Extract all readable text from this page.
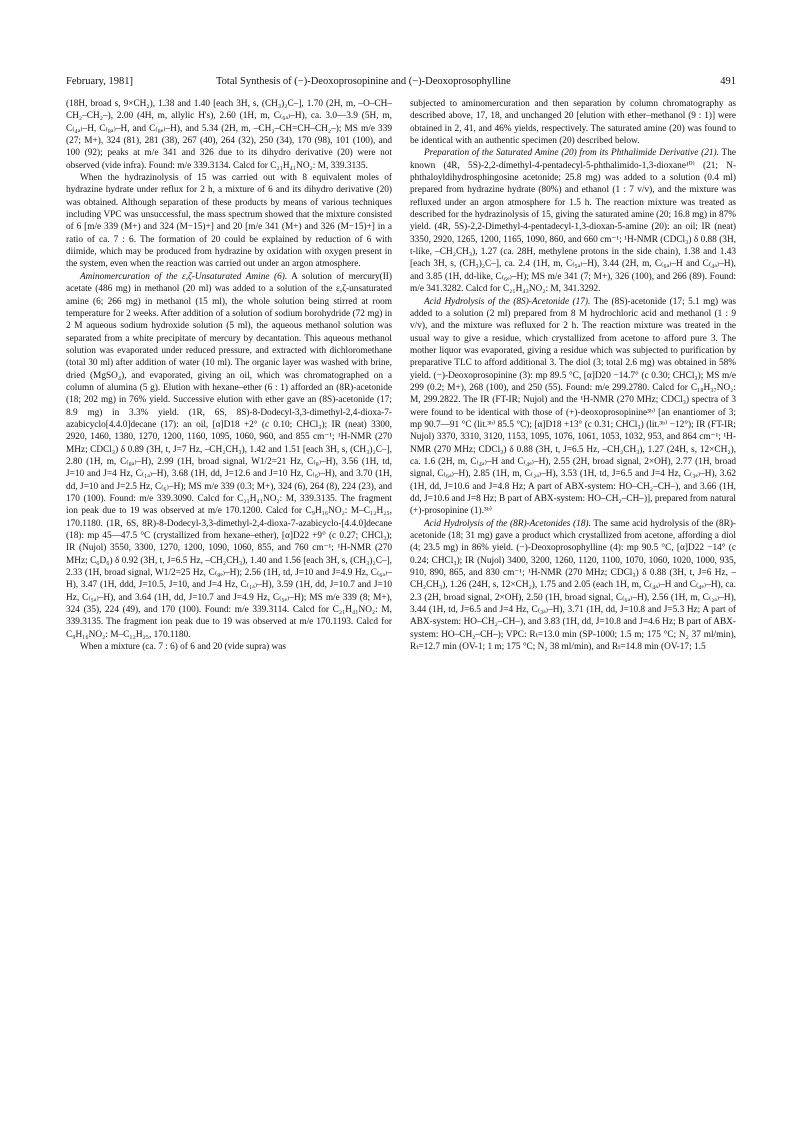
February, 1981]	Total Synthesis of (−)-Deoxoprosopinine and (−)-Deoxoprosophylline	491

(18H, broad s, 9×CH₂), 1.38 and 1.40 [each 3H, s, (CH₃)₂C–], 1.70 (2H, m, –O–CH–CH₂–CH₂–), 2.00 (4H, m, allylic H's), 2.60 (1H, m, C₍₆ₐ₎–H), ca. 3.0—3.9 (5H, m, C₍₄ₐ₎–H, C₍₈ₐ₎–H, and C₍₈ₑ₎–H), and 5.34 (2H, m, –CH₂–CH=CH–CH₂–); MS m/e 339 (27; M+), 324 (81), 281 (38), 267 (40), 264 (32), 250 (34), 170 (98), 101 (100), and 100 (92); peaks at m/e 341 and 326 due to its dihydro derivative (20) were not observed (vide infra). Found: m/e 339.3134. Calcd for C₂₁H₄₁NO₂: M, 339.3135.

When the hydrazinolysis of 15 was carried out with 8 equivalent moles of hydrazine hydrate under reflux for 2 h, a mixture of 6 and its dihydro derivative (20) was obtained. Although separation of these products by means of various techniques including VPC was unsuccessful, the mass spectrum showed that the mixture consisted of 6 [m/e 339 (M+) and 324 (M−15)+] and 20 [m/e 341 (M+) and 326 (M−15)+] in a ratio of ca. 7 : 6. The formation of 20 could be explained by reduction of 6 with diimide, which may be produced from hydrazine by oxidation with oxygen present in the system, even when the reaction was carried out under an argon atmosphere.

Aminomercuration of the ε,ζ-Unsaturated Amine (6). A solution of mercury(II) acetate (486 mg) in methanol (20 ml) was added to a solution of the ε,ζ-unsaturated amine (6; 266 mg) in methanol (15 ml), the whole solution being stirred at room temperature for 2 weeks. After addition of a solution of sodium borohydride (72 mg) in 2 M aqueous sodium hydroxide solution (5 ml), the aqueous methanol solution was separated from a white precipitate of mercury by decantation. This aqueous methanol solution was evaporated under reduced pressure, and extracted with dichloromethane (total 30 ml) after addition of water (10 ml). The organic layer was washed with brine, dried (MgSO₄), and evaporated, giving an oil, which was chromatographed on a column of alumina (5 g). Elution with hexane–ether (6 : 1) afforded an (8R)-acetonide (18; 202 mg) in 76% yield. Successive elution with ether gave an (8S)-acetonide (17; 8.9 mg) in 3.3% yield. (1R, 6S, 8S)-8-Dodecyl-3,3-dimethyl-2,4-dioxa-7-azabicyclo[4.4.0]decane (17): an oil, [α]D18 +2° (c 0.10; CHCl₃); IR (neat) 3300, 2920, 1460, 1380, 1270, 1200, 1160, 1095, 1060, 960, and 855 cm⁻¹; ¹H-NMR (270 MHz; CDCl₃) δ 0.89 (3H, t, J=7 Hz, –CH₂CH₃), 1.42 and 1.51 [each 3H, s, (CH₃)₂C–], 2.80 (1H, m, C₍₈ₐ₎–H), 2.99 (1H, broad signal, W1/2=21 Hz, C₍₈₎–H), 3.56 (1H, td, J=10 and J=4 Hz, C₍₁ₐ₎–H), 3.68 (1H, dd, J=12.6 and J=10 Hz, C₍₆₎–H), and 3.70 (1H, dd, J=10 and J=2.5 Hz, C₍₆₎–H); MS m/e 339 (0.3; M+), 324 (6), 264 (8), 224 (23), and 170 (100). Found: m/e 339.3090. Calcd for C₂₁H₄₁NO₂: M, 339.3135. The fragment ion peak due to 19 was observed at m/e 170.1200. Calcd for C₉H₁₆NO₂: M–C₁₂H₂₅, 170.1180. (1R, 6S, 8R)-8-Dodecyl-3,3-dimethyl-2,4-dioxa-7-azabicyclo-[4.4.0]decane (18): mp 45—47.5 °C (crystallized from hexane–ether), [α]D22 +9° (c 0.27; CHCl₃); IR (Nujol) 3550, 3300, 1270, 1200, 1090, 1060, 855, and 760 cm⁻¹; ¹H-NMR (270 MHz; C₆D₆) δ 0.92 (3H, t, J=6.5 Hz, –CH₂CH₃), 1.40 and 1.56 [each 3H, s, (CH₃)₂C–], 2.33 (1H, broad signal, W1/2=25 Hz, C₍₈ₑ₎–H); 2.56 (1H, td, J=10 and J=4.9 Hz, C₍₆ₐ₎–H), 3.47 (1H, ddd, J=10.5, J=10, and J=4 Hz, C₍₁ₐ₎–H), 3.59 (1H, dd, J=10.7 and J=10 Hz, C₍₅ₐ₎–H), and 3.64 (1H, dd, J=10.7 and J=4.9 Hz, C₍₅ₑ₎–H); MS m/e 339 (8; M+), 324 (35), 224 (49), and 170 (100). Found: m/e 339.3114. Calcd for C₂₁H₄₁NO₂: M, 339.3135. The fragment ion peak due to 19 was observed at m/e 170.1193. Calcd for C₉H₁₆NO₂: M–C₁₂H₂₅, 170.1180.

When a mixture (ca. 7 : 6) of 6 and 20 (vide supra) was

subjected to aminomercuration and then separation by column chromatography as described above, 17, 18, and unchanged 20 [elution with ether–methanol (9 : 1)] were obtained in 2, 41, and 46% yields, respectively. The saturated amine (20) was found to be identical with an authentic specimen (20) described below.

Preparation of the Saturated Amine (20) from its Phthalimide Derivative (21). The known (4R, 5S)-2,2-dimethyl-4-pentadecyl-5-phthalimido-1,3-dioxane¹⁰⁾ (21; N-phthaloyldihydrosphingosine acetonide; 25.8 mg) was added to a solution (0.4 ml) prepared from hydrazine hydrate (80%) and ethanol (1 : 7 v/v), and the mixture was refluxed under an argon atmosphere for 1.5 h. The reaction mixture was treated as described for the hydrazinolysis of 15, giving the saturated amine (20; 16.8 mg) in 87% yield. (4R, 5S)-2,2-Dimethyl-4-pentadecyl-1,3-dioxan-5-amine (20): an oil; IR (neat) 3350, 2920, 1265, 1200, 1165, 1090, 860, and 660 cm⁻¹; ¹H-NMR (CDCl₃) δ 0.88 (3H, t-like, –CH₂CH₃), 1.27 (ca. 28H, methylene protons in the side chain), 1.38 and 1.43 [each 3H, s, (CH₃)₂C–], ca. 2.4 (1H, m, C₍₅ₐ₎–H), 3.44 (2H, m, C₍₆ₐ₎–H and C₍₄ₐ₎–H), and 3.85 (1H, dd-like, C₍₆ₑ₎–H); MS m/e 341 (7; M+), 326 (100), and 266 (89). Found: m/e 341.3282. Calcd for C₂₁H₄₃NO₂: M, 341.3292.

Acid Hydrolysis of the (8S)-Acetonide (17). The (8S)-acetonide (17; 5.1 mg) was added to a solution (2 ml) prepared from 8 M hydrochloric acid and methanol (1 : 9 v/v), and the mixture was refluxed for 2 h. The reaction mixture was treated in the usual way to give a residue, which crystallized from acetone to afford pure 3. The mother liquor was evaporated, giving a residue which was subjected to purification by preparative TLC to afford additional 3. The diol (3; total 2.6 mg) was obtained in 58% yield. (−)-Deoxoprosopinine (3): mp 89.5 °C, [α]D20 −14.7° (c 0.30; CHCl₃); MS m/e 299 (0.2; M+), 268 (100), and 250 (55). Found: m/e 299.2780. Calcd for C₁₈H₃₇NO₂: M, 299.2822. The IR (FT-IR; Nujol) and the ¹H-NMR (270 MHz; CDCl₃) spectra of 3 were found to be identical with those of (+)-deoxoprosopinine³ᵇ⁾ [an enantiomer of 3; mp 90.7—91 °C (lit.³ᵇ⁾ 85.5 °C); [α]D18 +13° (c 0.31; CHCl₃) (lit.³ᵇ⁾ −12°); IR (FT-IR; Nujol) 3370, 3310, 3120, 1153, 1095, 1076, 1061, 1053, 1032, 953, and 864 cm⁻¹; ¹H-NMR (270 MHz; CDCl₃) δ 0.88 (3H, t, J=6.5 Hz, –CH₂CH₃), 1.27 (24H, s, 12×CH₂), ca. 1.6 (2H, m, C₍₄ₐ₎–H and C₍₄ₑ₎–H), 2.55 (2H, broad signal, 2×OH), 2.77 (1H, broad signal, C₍₆ₐ₎–H), 2.85 (1H, m, C₍₂ₐ₎–H), 3.53 (1H, td, J=6.5 and J=4 Hz, C₍₃ₑ₎–H), 3.62 (1H, dd, J=10.6 and J=4.8 Hz; A part of ABX-system: HO–CH₂–CH–), and 3.66 (1H, dd, J=10.6 and J=8 Hz; B part of ABX-system: HO–CH₂–CH–)], prepared from natural (+)-prosopinine (1).³ᵇ⁾

Acid Hydrolysis of the (8R)-Acetonides (18). The same acid hydrolysis of the (8R)-acetonide (18; 31 mg) gave a product which crystallized from acetone, affording a diol (4; 23.5 mg) in 86% yield. (−)-Deoxoprosophylline (4): mp 90.5 °C, [α]D22 −14° (c 0.24; CHCl₃); IR (Nujol) 3400, 3200, 1260, 1120, 1100, 1070, 1060, 1020, 1000, 935, 910, 890, 865, and 830 cm⁻¹; ¹H-NMR (270 MHz; CDCl₃) δ 0.88 (3H, t, J=6 Hz, –CH₂CH₃), 1.26 (24H, s, 12×CH₂), 1.75 and 2.05 (each 1H, m, C₍₄ₐ₎–H and C₍₄ₑ₎–H), ca. 2.3 (2H, broad signal, 2×OH), 2.50 (1H, broad signal, C₍₆ₐ₎–H), 2.56 (1H, m, C₍₂ₐ₎–H), 3.44 (1H, td, J=6.5 and J=4 Hz, C₍₃ₐ₎–H), 3.71 (1H, dd, J=10.8 and J=5.3 Hz; A part of ABX-system: HO–CH₂–CH–), and 3.83 (1H, dd, J=10.8 and J=4.6 Hz; B part of ABX-system: HO–CH₂–CH–); VPC: Rₜ=13.0 min (SP-1000; 1.5 m; 175 °C; N₂ 37 ml/min), Rₜ=12.7 min (OV-1; 1 m; 175 °C; N₂ 38 ml/min), and Rₜ=14.8 min (OV-17; 1.5
